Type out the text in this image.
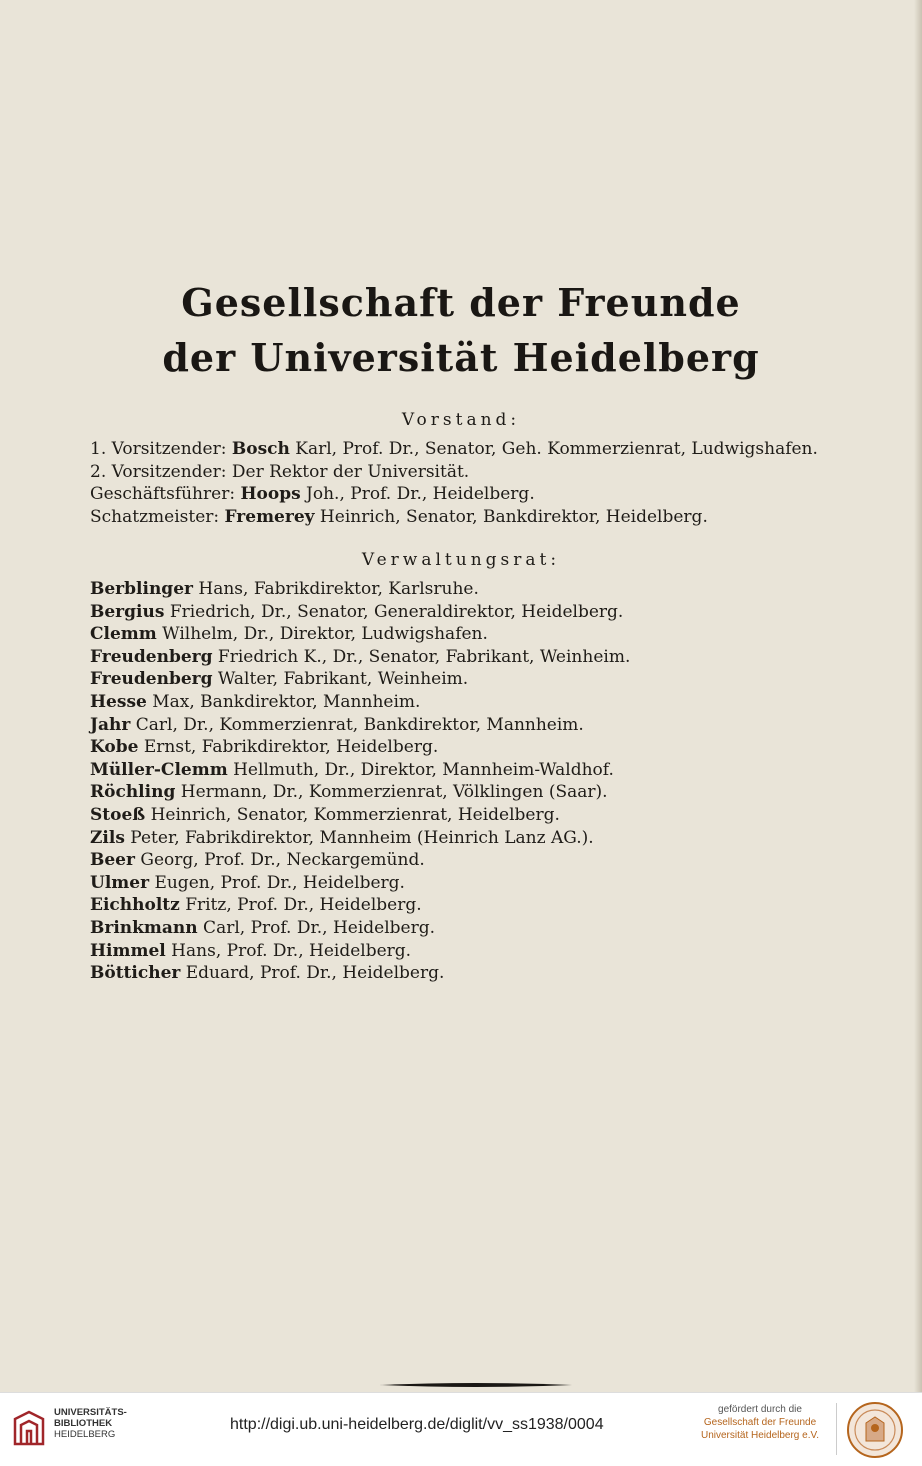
Gesellschaft der Freunde
der Universität Heidelberg
Vorstand:
1. Vorsitzender: Bosch Karl, Prof. Dr., Senator, Geh. Kommerzienrat, Ludwigshafen.
2. Vorsitzender: Der Rektor der Universität.
Geschäftsführer: Hoops Joh., Prof. Dr., Heidelberg.
Schatzmeister: Fremerey Heinrich, Senator, Bankdirektor, Heidelberg.
Verwaltungsrat:
Berblinger Hans, Fabrikdirektor, Karlsruhe.
Bergius Friedrich, Dr., Senator, Generaldirektor, Heidelberg.
Clemm Wilhelm, Dr., Direktor, Ludwigshafen.
Freudenberg Friedrich K., Dr., Senator, Fabrikant, Weinheim.
Freudenberg Walter, Fabrikant, Weinheim.
Hesse Max, Bankdirektor, Mannheim.
Jahr Carl, Dr., Kommerzienrat, Bankdirektor, Mannheim.
Kobe Ernst, Fabrikdirektor, Heidelberg.
Müller-Clemm Hellmuth, Dr., Direktor, Mannheim-Waldhof.
Röchling Hermann, Dr., Kommerzienrat, Völklingen (Saar).
Stoeß Heinrich, Senator, Kommerzienrat, Heidelberg.
Zils Peter, Fabrikdirektor, Mannheim (Heinrich Lanz AG.).
Beer Georg, Prof. Dr., Neckargemünd.
Ulmer Eugen, Prof. Dr., Heidelberg.
Eichholtz Fritz, Prof. Dr., Heidelberg.
Brinkmann Carl, Prof. Dr., Heidelberg.
Himmel Hans, Prof. Dr., Heidelberg.
Bötticher Eduard, Prof. Dr., Heidelberg.
UNIVERSITÄTS-
BIBLIOTHEK
HEIDELBERG
http://digi.ub.uni-heidelberg.de/diglit/vv_ss1938/0004
gefördert durch die
Gesellschaft der Freunde
Universität Heidelberg e.V.
